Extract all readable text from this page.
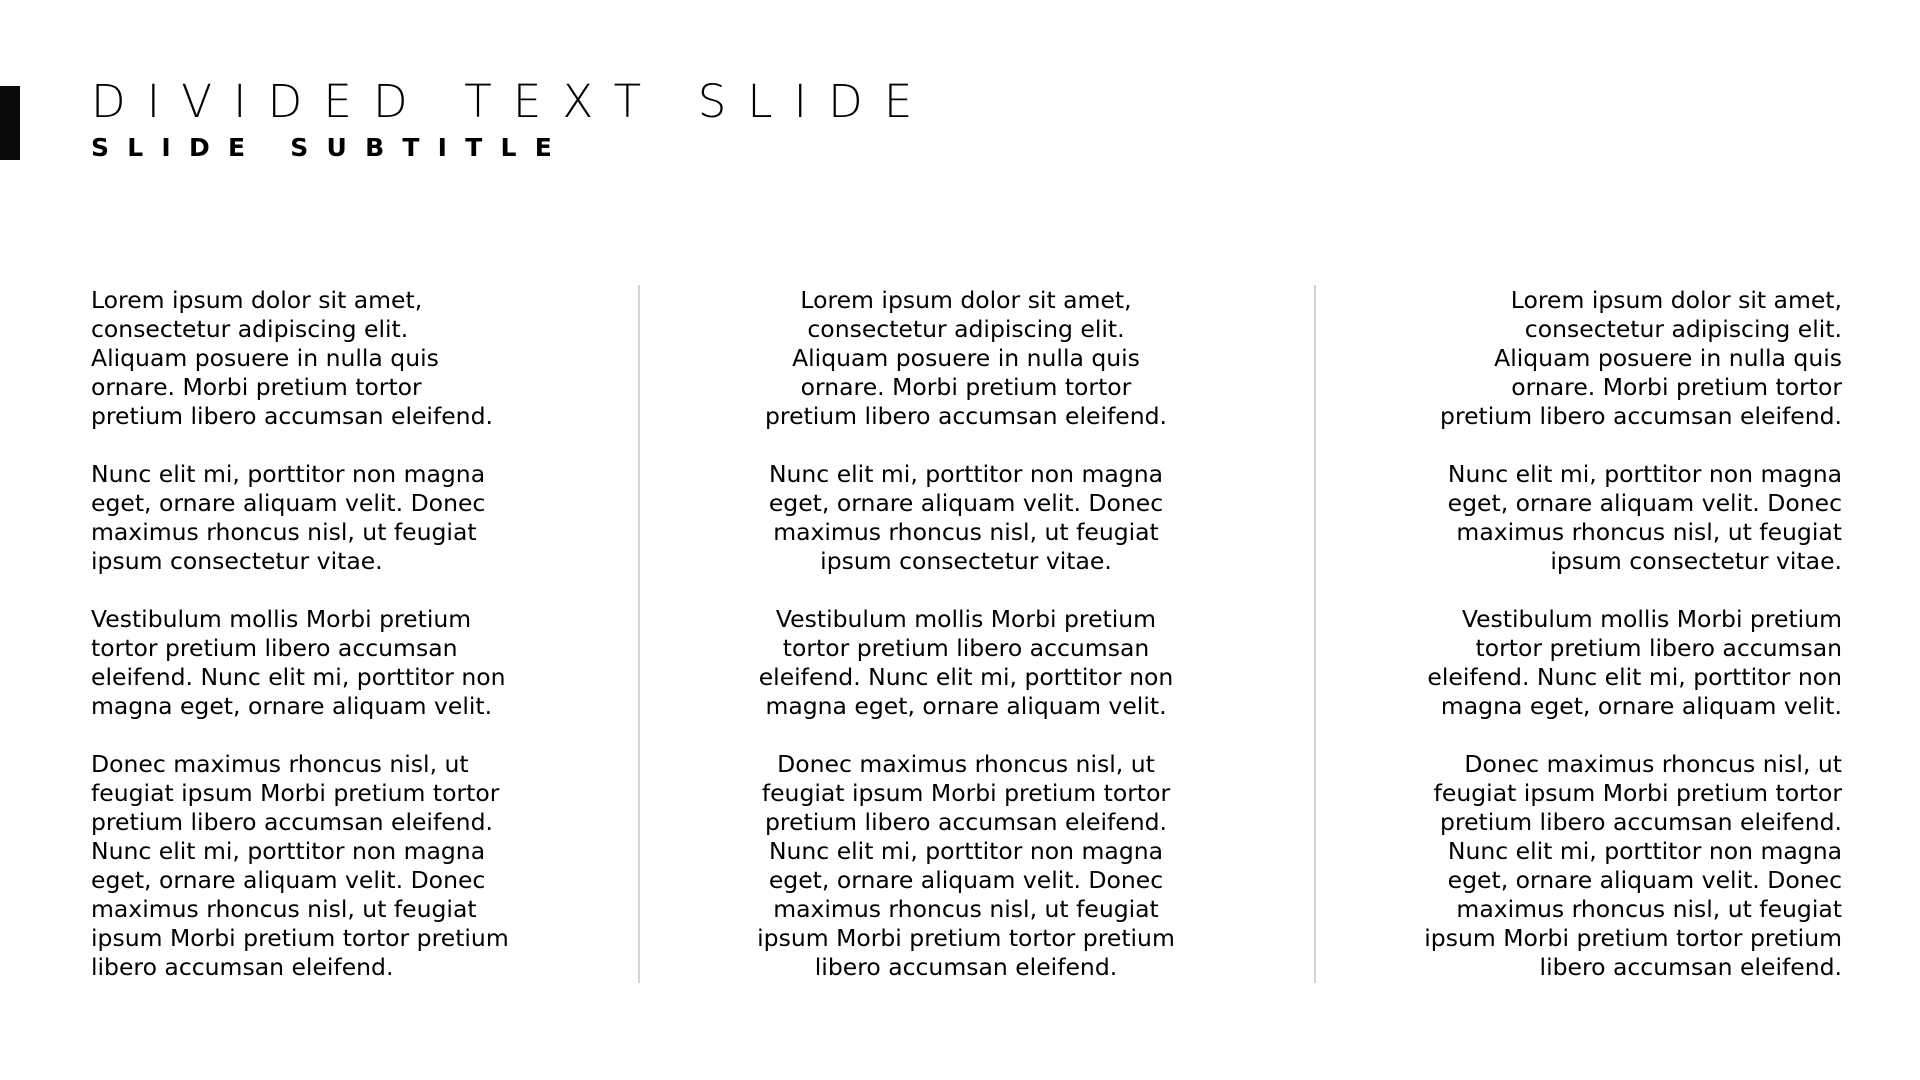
DIVIDED TEXT SLIDE
SLIDE SUBTITLE

Lorem ipsum dolor sit amet, consectetur adipiscing elit. Aliquam posuere in nulla quis ornare. Morbi pretium tortor pretium libero accumsan eleifend.

Nunc elit mi, porttitor non magna eget, ornare aliquam velit. Donec maximus rhoncus nisl, ut feugiat ipsum consectetur vitae.

Vestibulum mollis Morbi pretium tortor pretium libero accumsan eleifend. Nunc elit mi, porttitor non magna eget, ornare aliquam velit.

Donec maximus rhoncus nisl, ut feugiat ipsum Morbi pretium tortor pretium libero accumsan eleifend. Nunc elit mi, porttitor non magna eget, ornare aliquam velit. Donec maximus rhoncus nisl, ut feugiat ipsum Morbi pretium tortor pretium libero accumsan eleifend.

Lorem ipsum dolor sit amet, consectetur adipiscing elit. Aliquam posuere in nulla quis ornare. Morbi pretium tortor pretium libero accumsan eleifend.

Nunc elit mi, porttitor non magna eget, ornare aliquam velit. Donec maximus rhoncus nisl, ut feugiat ipsum consectetur vitae.

Vestibulum mollis Morbi pretium tortor pretium libero accumsan eleifend. Nunc elit mi, porttitor non magna eget, ornare aliquam velit.

Donec maximus rhoncus nisl, ut feugiat ipsum Morbi pretium tortor pretium libero accumsan eleifend. Nunc elit mi, porttitor non magna eget, ornare aliquam velit. Donec maximus rhoncus nisl, ut feugiat ipsum Morbi pretium tortor pretium libero accumsan eleifend.

Lorem ipsum dolor sit amet, consectetur adipiscing elit. Aliquam posuere in nulla quis ornare. Morbi pretium tortor pretium libero accumsan eleifend.

Nunc elit mi, porttitor non magna eget, ornare aliquam velit. Donec maximus rhoncus nisl, ut feugiat ipsum consectetur vitae.

Vestibulum mollis Morbi pretium tortor pretium libero accumsan eleifend. Nunc elit mi, porttitor non magna eget, ornare aliquam velit.

Donec maximus rhoncus nisl, ut feugiat ipsum Morbi pretium tortor pretium libero accumsan eleifend. Nunc elit mi, porttitor non magna eget, ornare aliquam velit. Donec maximus rhoncus nisl, ut feugiat ipsum Morbi pretium tortor pretium libero accumsan eleifend.
